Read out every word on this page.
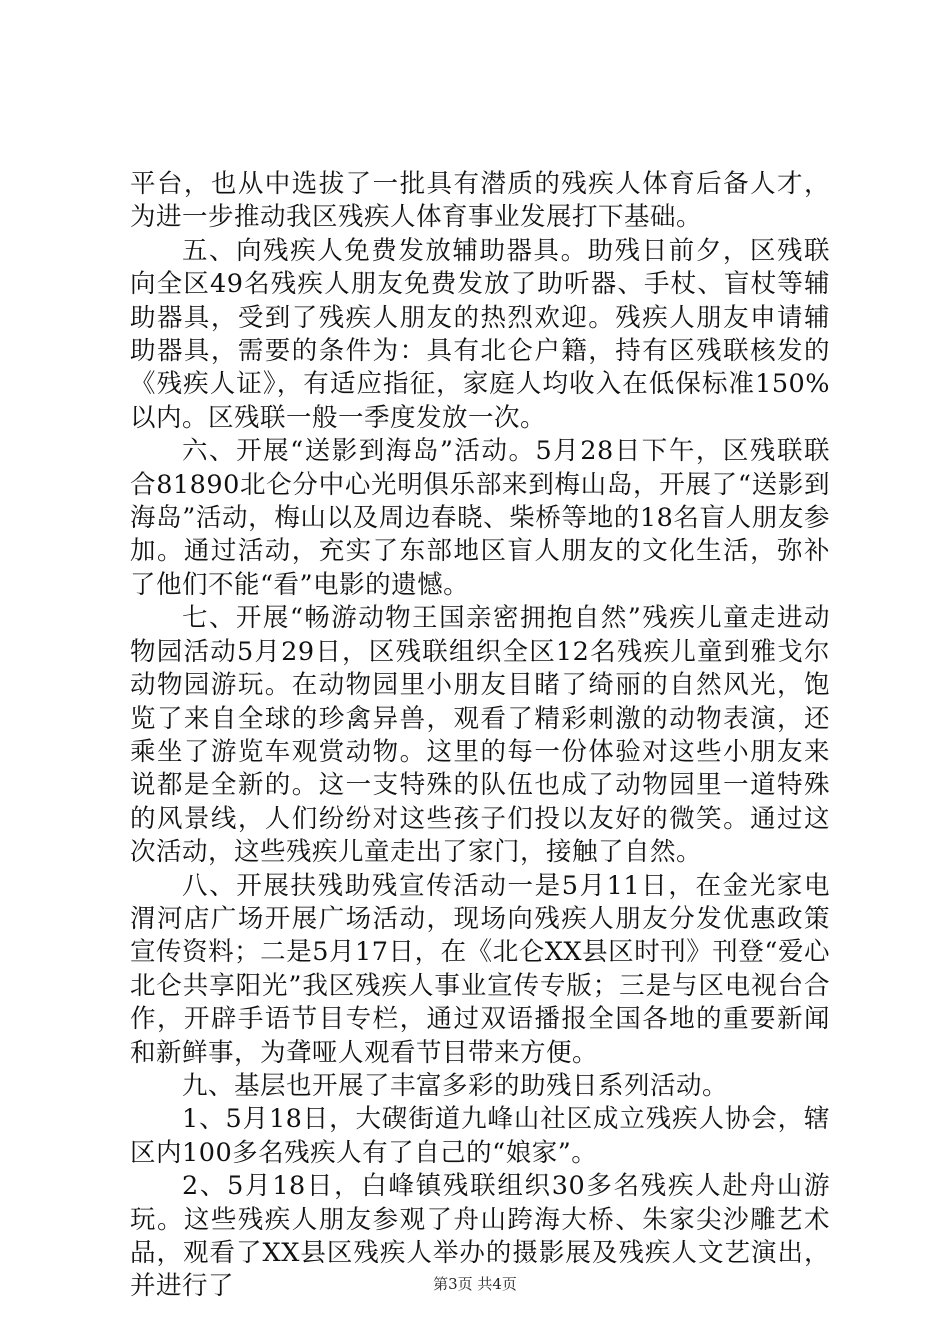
平台，也从中选拔了一批具有潜质的残疾人体育后备人才，为进一步推动我区残疾人体育事业发展打下基础。

五、向残疾人免费发放辅助器具。助残日前夕，区残联向全区49名残疾人朋友免费发放了助听器、手杖、盲杖等辅助器具，受到了残疾人朋友的热烈欢迎。残疾人朋友申请辅助器具，需要的条件为：具有北仑户籍，持有区残联核发的《残疾人证》，有适应指征，家庭人均收入在低保标准150%以内。区残联一般一季度发放一次。

六、开展“送影到海岛”活动。5月28日下午，区残联联合81890北仑分中心光明俱乐部来到梅山岛，开展了“送影到海岛”活动，梅山以及周边春晓、柴桥等地的18名盲人朋友参加。通过活动，充实了东部地区盲人朋友的文化生活，弥补了他们不能“看”电影的遗憾。

七、开展“畅游动物王国亲密拥抱自然”残疾儿童走进动物园活动5月29日，区残联组织全区12名残疾儿童到雅戈尔动物园游玩。在动物园里小朋友目睹了绮丽的自然风光，饱览了来自全球的珍禽异兽，观看了精彩刺激的动物表演，还乘坐了游览车观赏动物。这里的每一份体验对这些小朋友来说都是全新的。这一支特殊的队伍也成了动物园里一道特殊的风景线，人们纷纷对这些孩子们投以友好的微笑。通过这次活动，这些残疾儿童走出了家门，接触了自然。

八、开展扶残助残宣传活动一是5月11日，在金光家电渭河店广场开展广场活动，现场向残疾人朋友分发优惠政策宣传资料；二是5月17日，在《北仑XX县区时刊》刊登“爱心北仑共享阳光”我区残疾人事业宣传专版；三是与区电视台合作，开辟手语节目专栏，通过双语播报全国各地的重要新闻和新鲜事，为聋哑人观看节目带来方便。

九、基层也开展了丰富多彩的助残日系列活动。

1、5月18日，大碶街道九峰山社区成立残疾人协会，辖区内100多名残疾人有了自己的“娘家”。

2、5月18日，白峰镇残联组织30多名残疾人赴舟山游玩。这些残疾人朋友参观了舟山跨海大桥、朱家尖沙雕艺术品，观看了XX县区残疾人举办的摄影展及残疾人文艺演出，并进行了	第3页 共4页
